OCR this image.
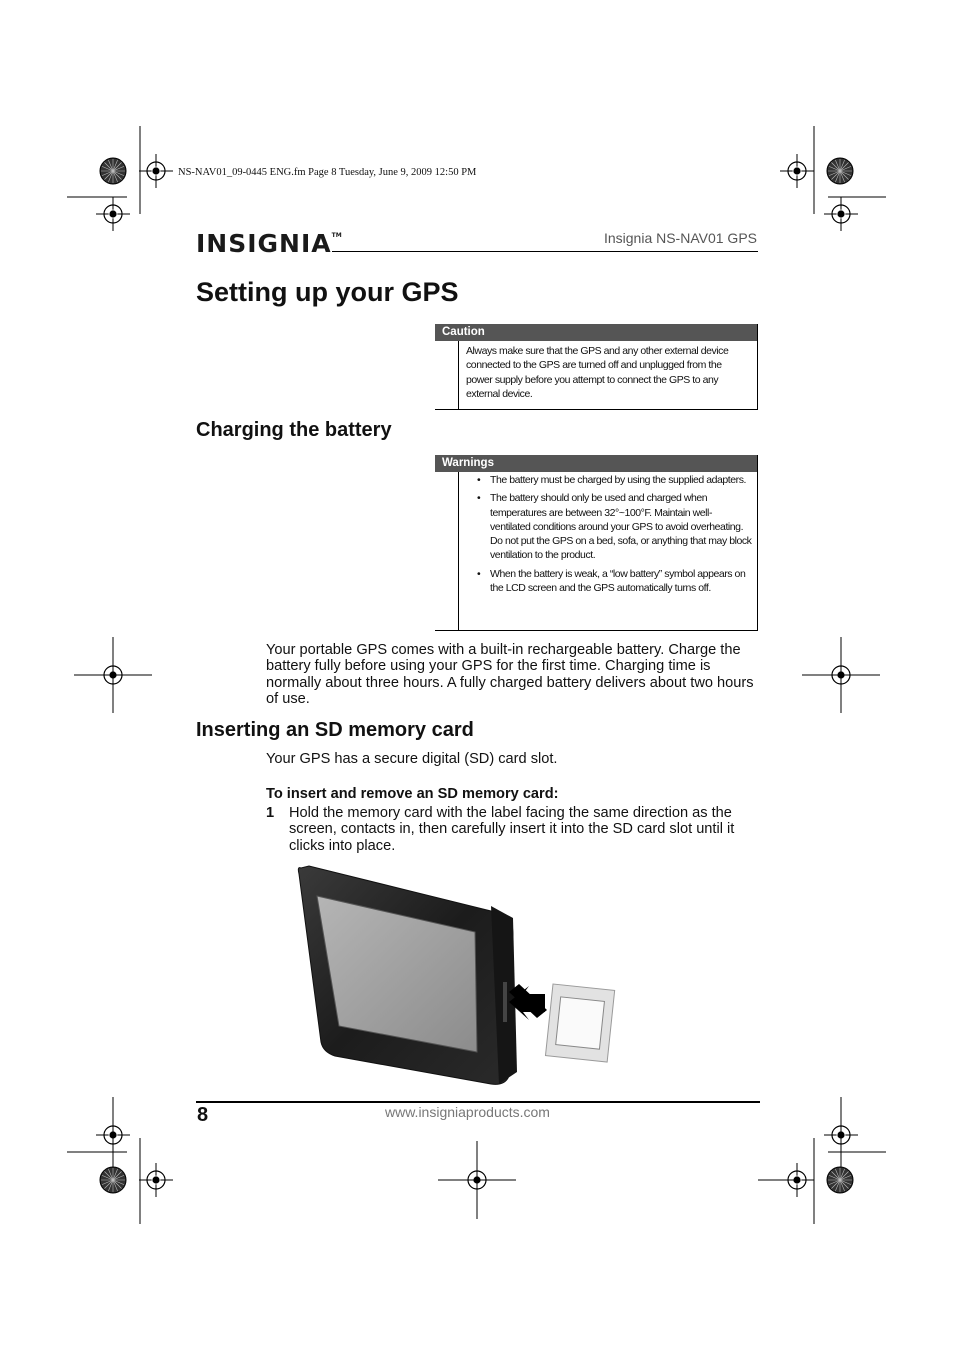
NS-NAV01_09-0445 ENG.fm Page 8 Tuesday, June 9, 2009 12:50 PM
INSIGNIA™	Insignia NS-NAV01 GPS
Setting up your GPS
Caution
Always make sure that the GPS and any other external device connected to the GPS are turned off and unplugged from the power supply before you attempt to connect the GPS to any external device.
Charging the battery
Warnings
• The battery must be charged by using the supplied adapters.
• The battery should only be used and charged when temperatures are between 32°~100°F. Maintain well-ventilated conditions around your GPS to avoid overheating. Do not put the GPS on a bed, sofa, or anything that may block ventilation to the product.
• When the battery is weak, a “low battery” symbol appears on the LCD screen and the GPS automatically turns off.
Your portable GPS comes with a built-in rechargeable battery. Charge the battery fully before using your GPS for the first time. Charging time is normally about three hours. A fully charged battery delivers about two hours of use.
Inserting an SD memory card
Your GPS has a secure digital (SD) card slot.
To insert and remove an SD memory card:
1 Hold the memory card with the label facing the same direction as the screen, contacts in, then carefully insert it into the SD card slot until it clicks into place.
8	www.insigniaproducts.com
